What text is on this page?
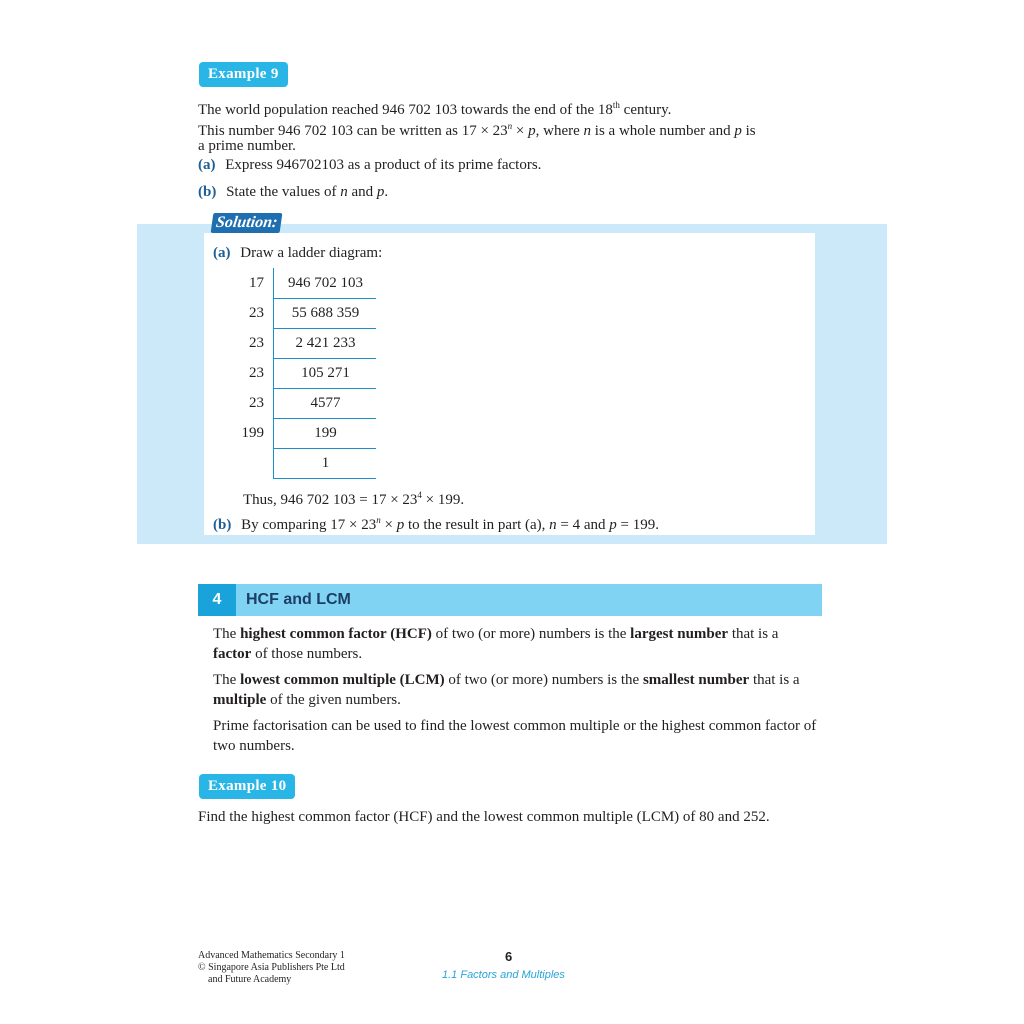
Example 9
The world population reached 946 702 103 towards the end of the 18th century.
This number 946 702 103 can be written as $17 \times 23^n \times p$, where n is a whole number and p is
a prime number.
(a) Express 946702103 as a product of its prime factors.
(b) State the values of n and p.
Solution:
(a) Draw a ladder diagram:
17
23
23
23
23
199
946 702 103
55 688 359
2 421 233
105 271
4577
199
1
Thus, 946 702 $103 = 17 \times 23^4 \times 199$.
(b) By comparing $17 \times 23^n \times p$ to the result in part (a), n = 4 and p = 199.
4	HCF and LCM
The highest common factor (HCF) of two (or more) numbers is the largest number that is a factor of those numbers.
The lowest common multiple (LCM) of two (or more) numbers is the smallest number that is a multiple of the given numbers.
Prime factorisation can be used to find the lowest common multiple or the highest common factor of two numbers.
Example 10
Find the highest common factor (HCF) and the lowest common multiple (LCM) of 80 and 252.
Advanced Mathematics Secondary 1
© Singapore Asia Publishers Pte Ltd
and Future Academy
6
1.1 Factors and Multiples
